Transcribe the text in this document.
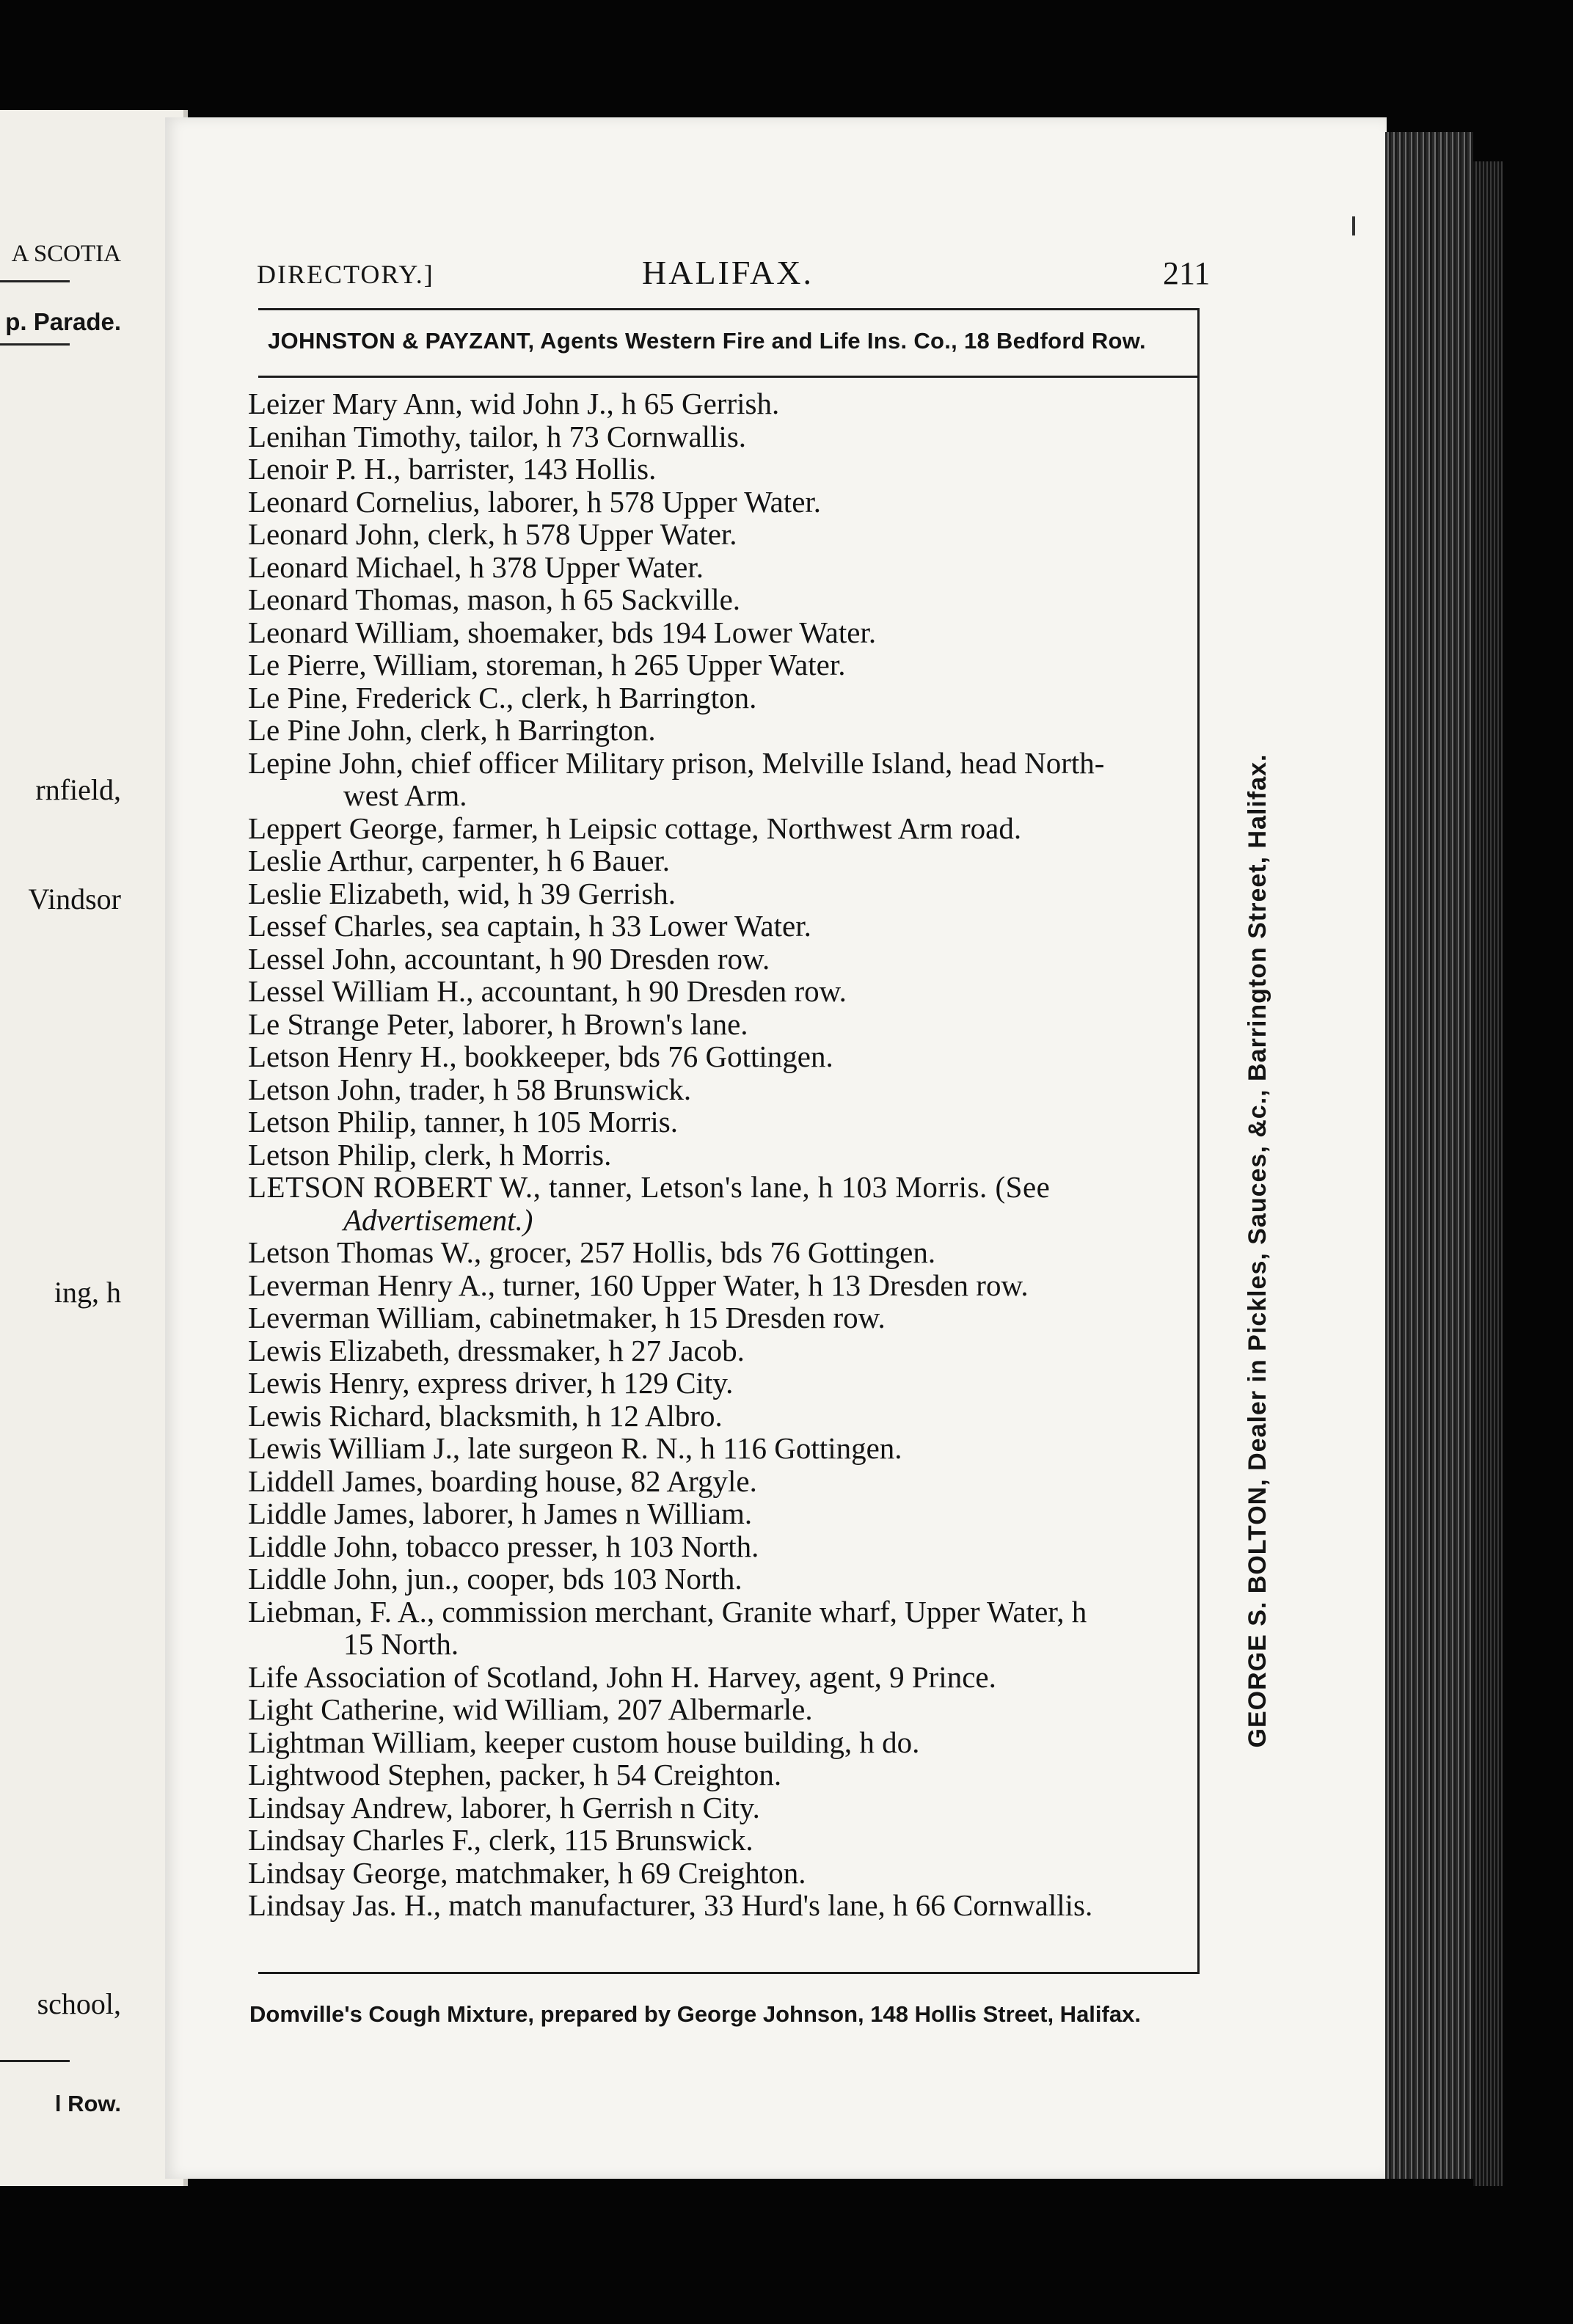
A SCOTIA
p. Parade.
rnfield,
Vindsor
ing, h
school,
l Row.
DIRECTORY.]	HALIFAX.	211
JOHNSTON & PAYZANT, Agents Western Fire and Life Ins. Co., 18 Bedford Row.
Leizer Mary Ann, wid John J., h 65 Gerrish.
Lenihan Timothy, tailor, h 73 Cornwallis.
Lenoir P. H., barrister, 143 Hollis.
Leonard Cornelius, laborer, h 578 Upper Water.
Leonard John, clerk, h 578 Upper Water.
Leonard Michael, h 378 Upper Water.
Leonard Thomas, mason, h 65 Sackville.
Leonard William, shoemaker, bds 194 Lower Water.
Le Pierre, William, storeman, h 265 Upper Water.
Le Pine, Frederick C., clerk, h Barrington.
Le Pine John, clerk, h Barrington.
Lepine John, chief officer Military prison, Melville Island, head North-
west Arm.
Leppert George, farmer, h Leipsic cottage, Northwest Arm road.
Leslie Arthur, carpenter, h 6 Bauer.
Leslie Elizabeth, wid, h 39 Gerrish.
Lessef Charles, sea captain, h 33 Lower Water.
Lessel John, accountant, h 90 Dresden row.
Lessel William H., accountant, h 90 Dresden row.
Le Strange Peter, laborer, h Brown's lane.
Letson Henry H., bookkeeper, bds 76 Gottingen.
Letson John, trader, h 58 Brunswick.
Letson Philip, tanner, h 105 Morris.
Letson Philip, clerk, h Morris.
LETSON ROBERT W., tanner, Letson's lane, h 103 Morris. (See
Advertisement.)
Letson Thomas W., grocer, 257 Hollis, bds 76 Gottingen.
Leverman Henry A., turner, 160 Upper Water, h 13 Dresden row.
Leverman William, cabinetmaker, h 15 Dresden row.
Lewis Elizabeth, dressmaker, h 27 Jacob.
Lewis Henry, express driver, h 129 City.
Lewis Richard, blacksmith, h 12 Albro.
Lewis William J., late surgeon R. N., h 116 Gottingen.
Liddell James, boarding house, 82 Argyle.
Liddle James, laborer, h James n William.
Liddle John, tobacco presser, h 103 North.
Liddle John, jun., cooper, bds 103 North.
Liebman, F. A., commission merchant, Granite wharf, Upper Water, h
15 North.
Life Association of Scotland, John H. Harvey, agent, 9 Prince.
Light Catherine, wid William, 207 Albermarle.
Lightman William, keeper custom house building, h do.
Lightwood Stephen, packer, h 54 Creighton.
Lindsay Andrew, laborer, h Gerrish n City.
Lindsay Charles F., clerk, 115 Brunswick.
Lindsay George, matchmaker, h 69 Creighton.
Lindsay Jas. H., match manufacturer, 33 Hurd's lane, h 66 Cornwallis.
GEORGE S. BOLTON, Dealer in Pickles, Sauces, &c., Barrington Street, Halifax.
Domville's Cough Mixture, prepared by George Johnson, 148 Hollis Street, Halifax.
